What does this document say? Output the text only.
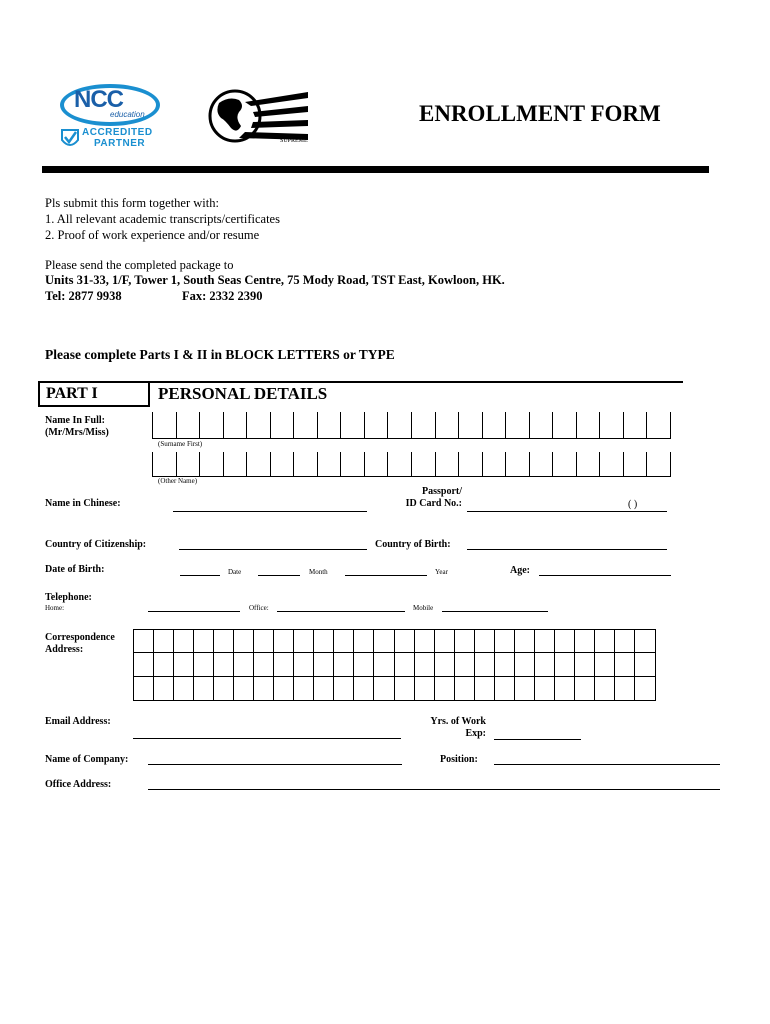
NCC
education
ACCREDITED
PARTNER	SUPREME
ENROLLMENT FORM
Pls submit this form together with:
1. All relevant academic transcripts/certificates
2. Proof of work experience and/or resume
Please send the completed package to
Units 31-33, 1/F, Tower 1, South Seas Centre, 75 Mody Road, TST East, Kowloon, HK.
Tel: 2877 9938	Fax: 2332 2390
Please complete Parts I & II in BLOCK LETTERS or TYPE
PART I	PERSONAL DETAILS
Name In Full:
(Mr/Mrs/Miss)
(Surname First)
(Other Name)
Name in Chinese:
Passport/
ID Card No.:	( )
Country of Citizenship:	Country of Birth:
Date of Birth:	Date	Month	Year	Age:
Telephone:
Home:	Office:	Mobile
Correspondence
Address:
Email Address:	Yrs. of Work
Exp:
Name of Company:	Position:
Office Address:
